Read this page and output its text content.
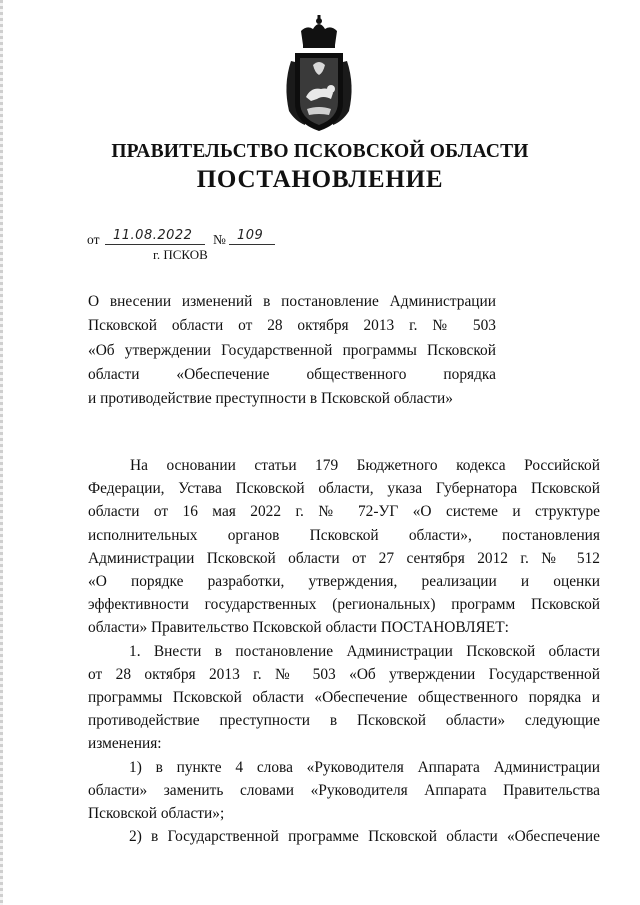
ПРАВИТЕЛЬСТВО ПСКОВСКОЙ ОБЛАСТИ
ПОСТАНОВЛЕНИЕ
от 11.08.2022 № 109
г. ПСКОВ
О внесении изменений в постановление Администрации
Псковской области от 28 октября 2013 г. № 503
«Об утверждении Государственной программы Псковской
области «Обеспечение общественного порядка
и противодействие преступности в Псковской области»
На основании статьи 179 Бюджетного кодекса Российской
Федерации, Устава Псковской области, указа Губернатора Псковской
области от 16 мая 2022 г. № 72-УГ «О системе и структуре
исполнительных органов Псковской области», постановления
Администрации Псковской области от 27 сентября 2012 г. № 512
«О порядке разработки, утверждения, реализации и оценки
эффективности государственных (региональных) программ Псковской
области» Правительство Псковской области ПОСТАНОВЛЯЕТ:
1. Внести в постановление Администрации Псковской области
от 28 октября 2013 г. № 503 «Об утверждении Государственной
программы Псковской области «Обеспечение общественного порядка и
противодействие преступности в Псковской области» следующие
изменения:
1) в пункте 4 слова «Руководителя Аппарата Администрации
области» заменить словами «Руководителя Аппарата Правительства
Псковской области»;
2) в Государственной программе Псковской области «Обеспечение
